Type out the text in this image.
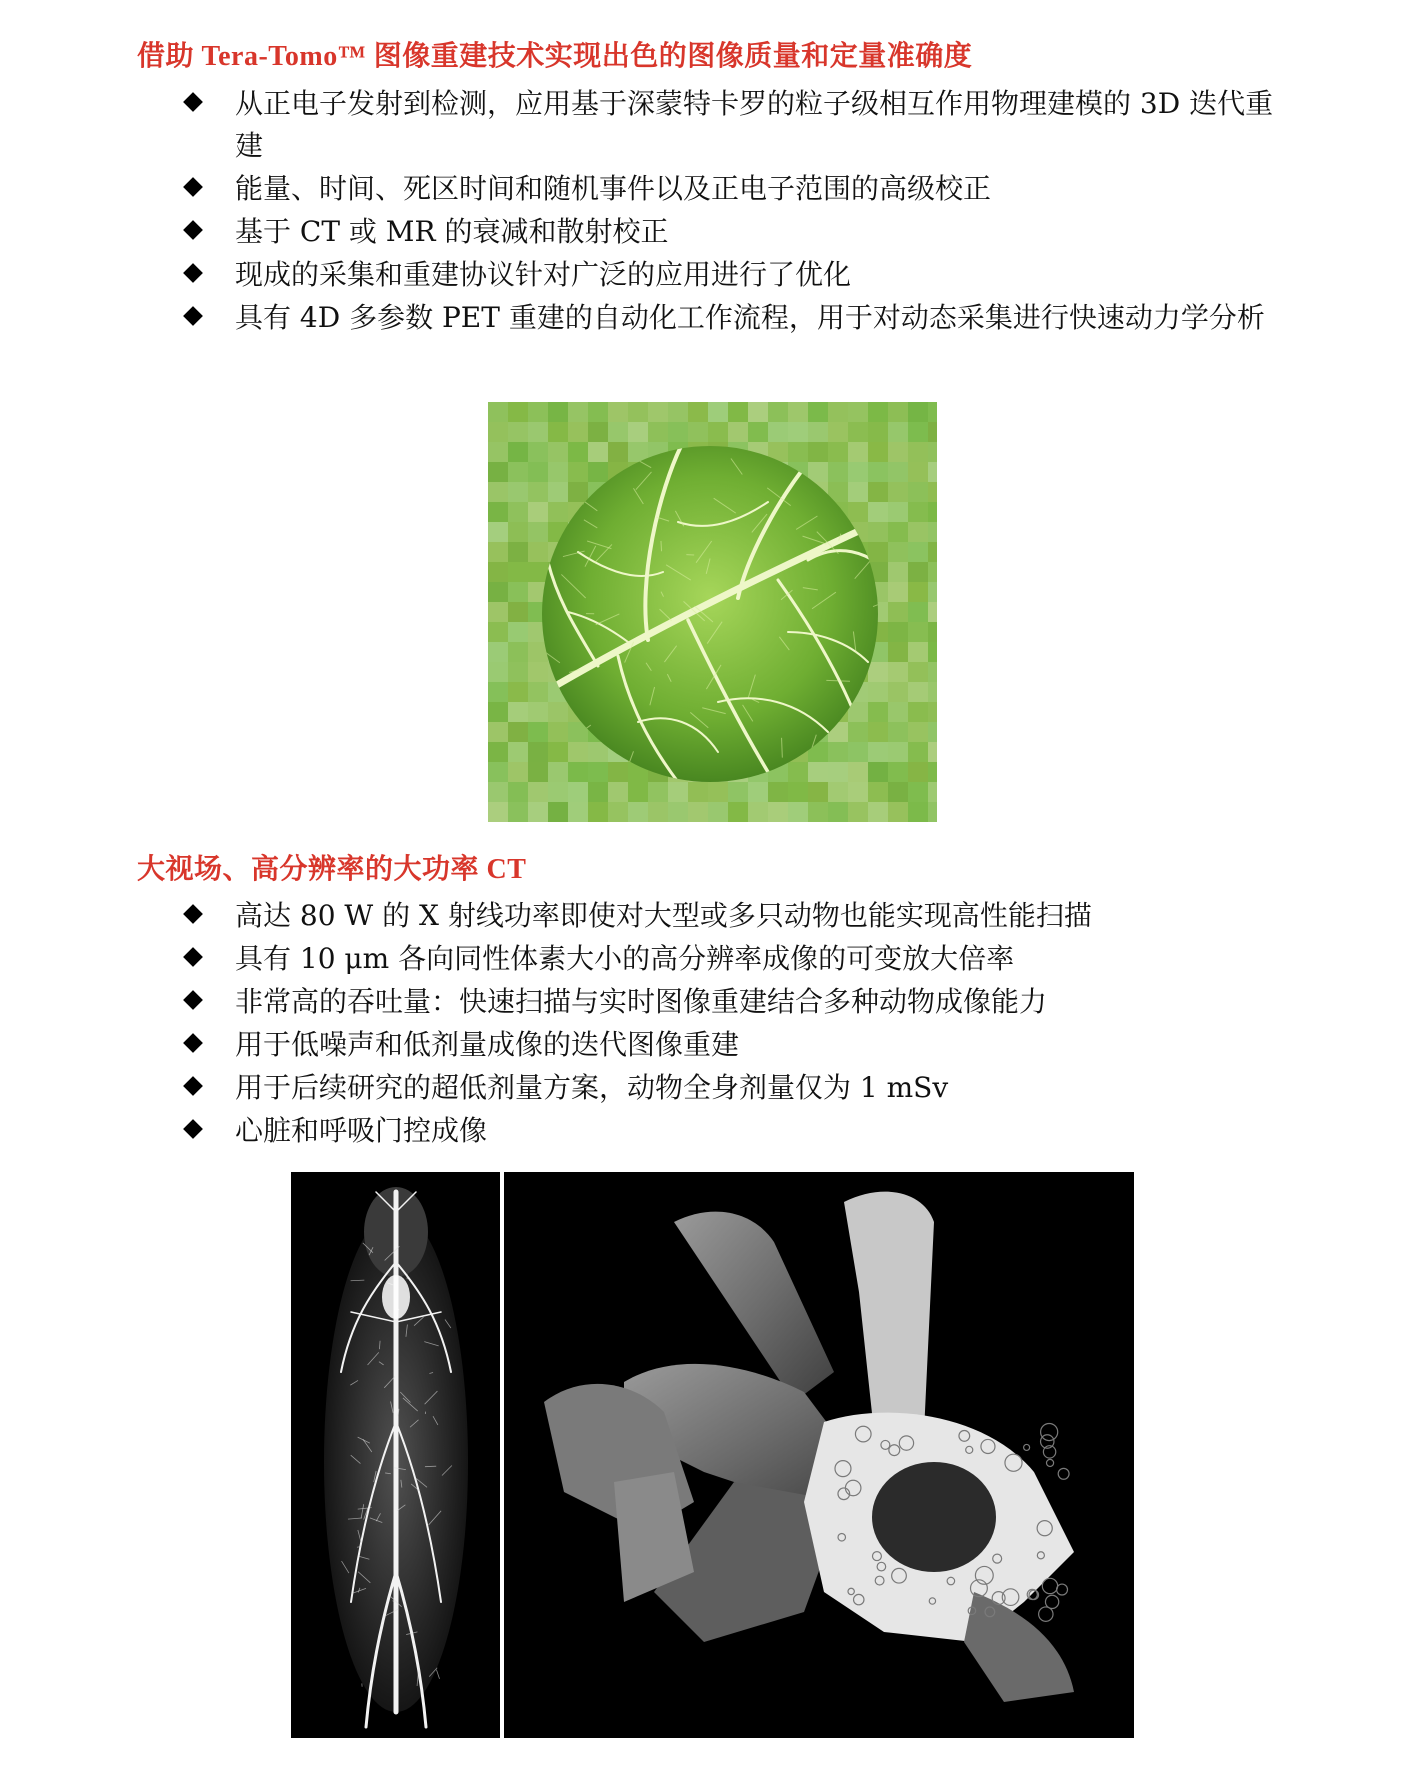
借助 Tera-Tomo™ 图像重建技术实现出色的图像质量和定量准确度
从正电子发射到检测，应用基于深蒙特卡罗的粒子级相互作用物理建模的 3D 迭代重建
能量、时间、死区时间和随机事件以及正电子范围的高级校正
基于 CT 或 MR 的衰减和散射校正
现成的采集和重建协议针对广泛的应用进行了优化
具有 4D 多参数 PET 重建的自动化工作流程，用于对动态采集进行快速动力学分析
大视场、高分辨率的大功率 CT
高达 80 W 的 X 射线功率即使对大型或多只动物也能实现高性能扫描
具有 10 μm 各向同性体素大小的高分辨率成像的可变放大倍率
非常高的吞吐量：快速扫描与实时图像重建结合多种动物成像能力
用于低噪声和低剂量成像的迭代图像重建
用于后续研究的超低剂量方案，动物全身剂量仅为 1 mSv
心脏和呼吸门控成像
